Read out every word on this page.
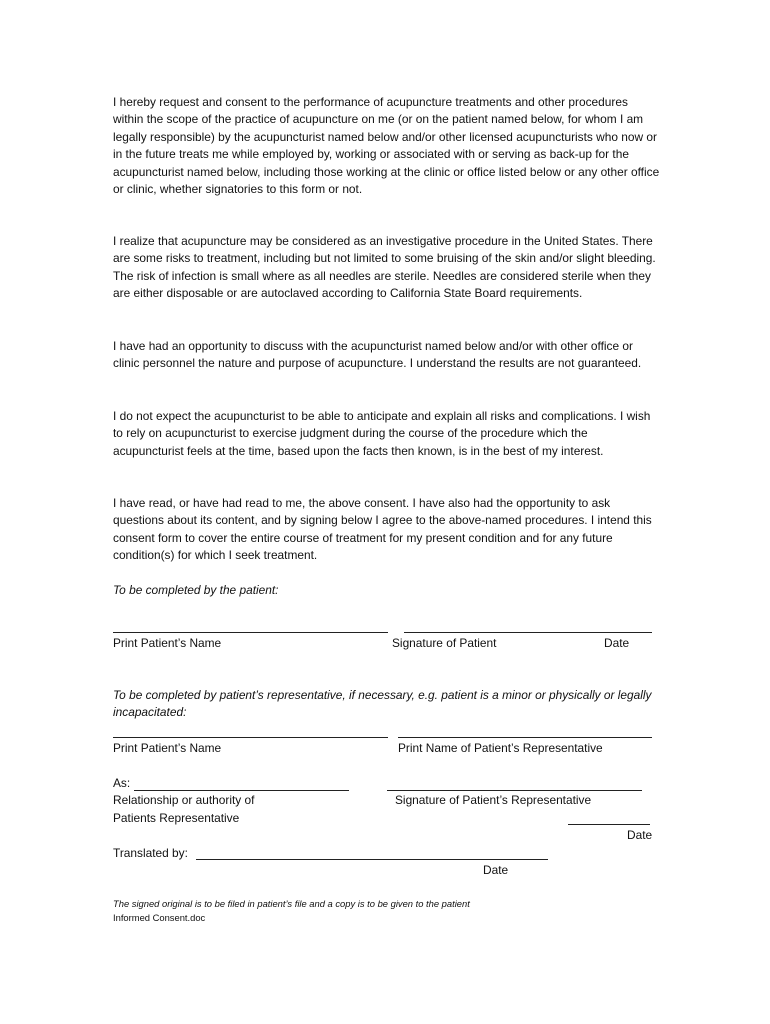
I hereby request and consent to the performance of acupuncture treatments and other procedures within the scope of the practice of acupuncture on me (or on the patient named below, for whom I am legally responsible) by the acupuncturist named below and/or other licensed acupuncturists who now or in the future treats me while employed by, working or associated with or serving as back-up for the acupuncturist named below, including those working at the clinic or office listed below or any other office or clinic, whether signatories to this form or not.

I realize that acupuncture may be considered as an investigative procedure in the United States. There are some risks to treatment, including but not limited to some bruising of the skin and/or slight bleeding. The risk of infection is small where as all needles are sterile. Needles are considered sterile when they are either disposable or are autoclaved according to California State Board requirements.

I have had an opportunity to discuss with the acupuncturist named below and/or with other office or clinic personnel the nature and purpose of acupuncture. I understand the results are not guaranteed.

I do not expect the acupuncturist to be able to anticipate and explain all risks and complications. I wish to rely on acupuncturist to exercise judgment during the course of the procedure which the acupuncturist feels at the time, based upon the facts then known, is in the best of my interest.

I have read, or have had read to me, the above consent. I have also had the opportunity to ask questions about its content, and by signing below I agree to the above-named procedures. I intend this consent form to cover the entire course of treatment for my present condition and for any future condition(s) for which I seek treatment.

To be completed by the patient:
Print Patient’s Name	Signature of Patient	Date

To be completed by patient’s representative, if necessary, e.g. patient is a minor or physically or legally incapacitated:

Print Patient’s Name	Print Name of Patient’s Representative
As:
Relationship or authority of
Patients Representative
Signature of Patient’s Representative
Date
Translated by:
Date
The signed original is to be filed in patient’s file and a copy is to be given to the patient
Informed Consent.doc
